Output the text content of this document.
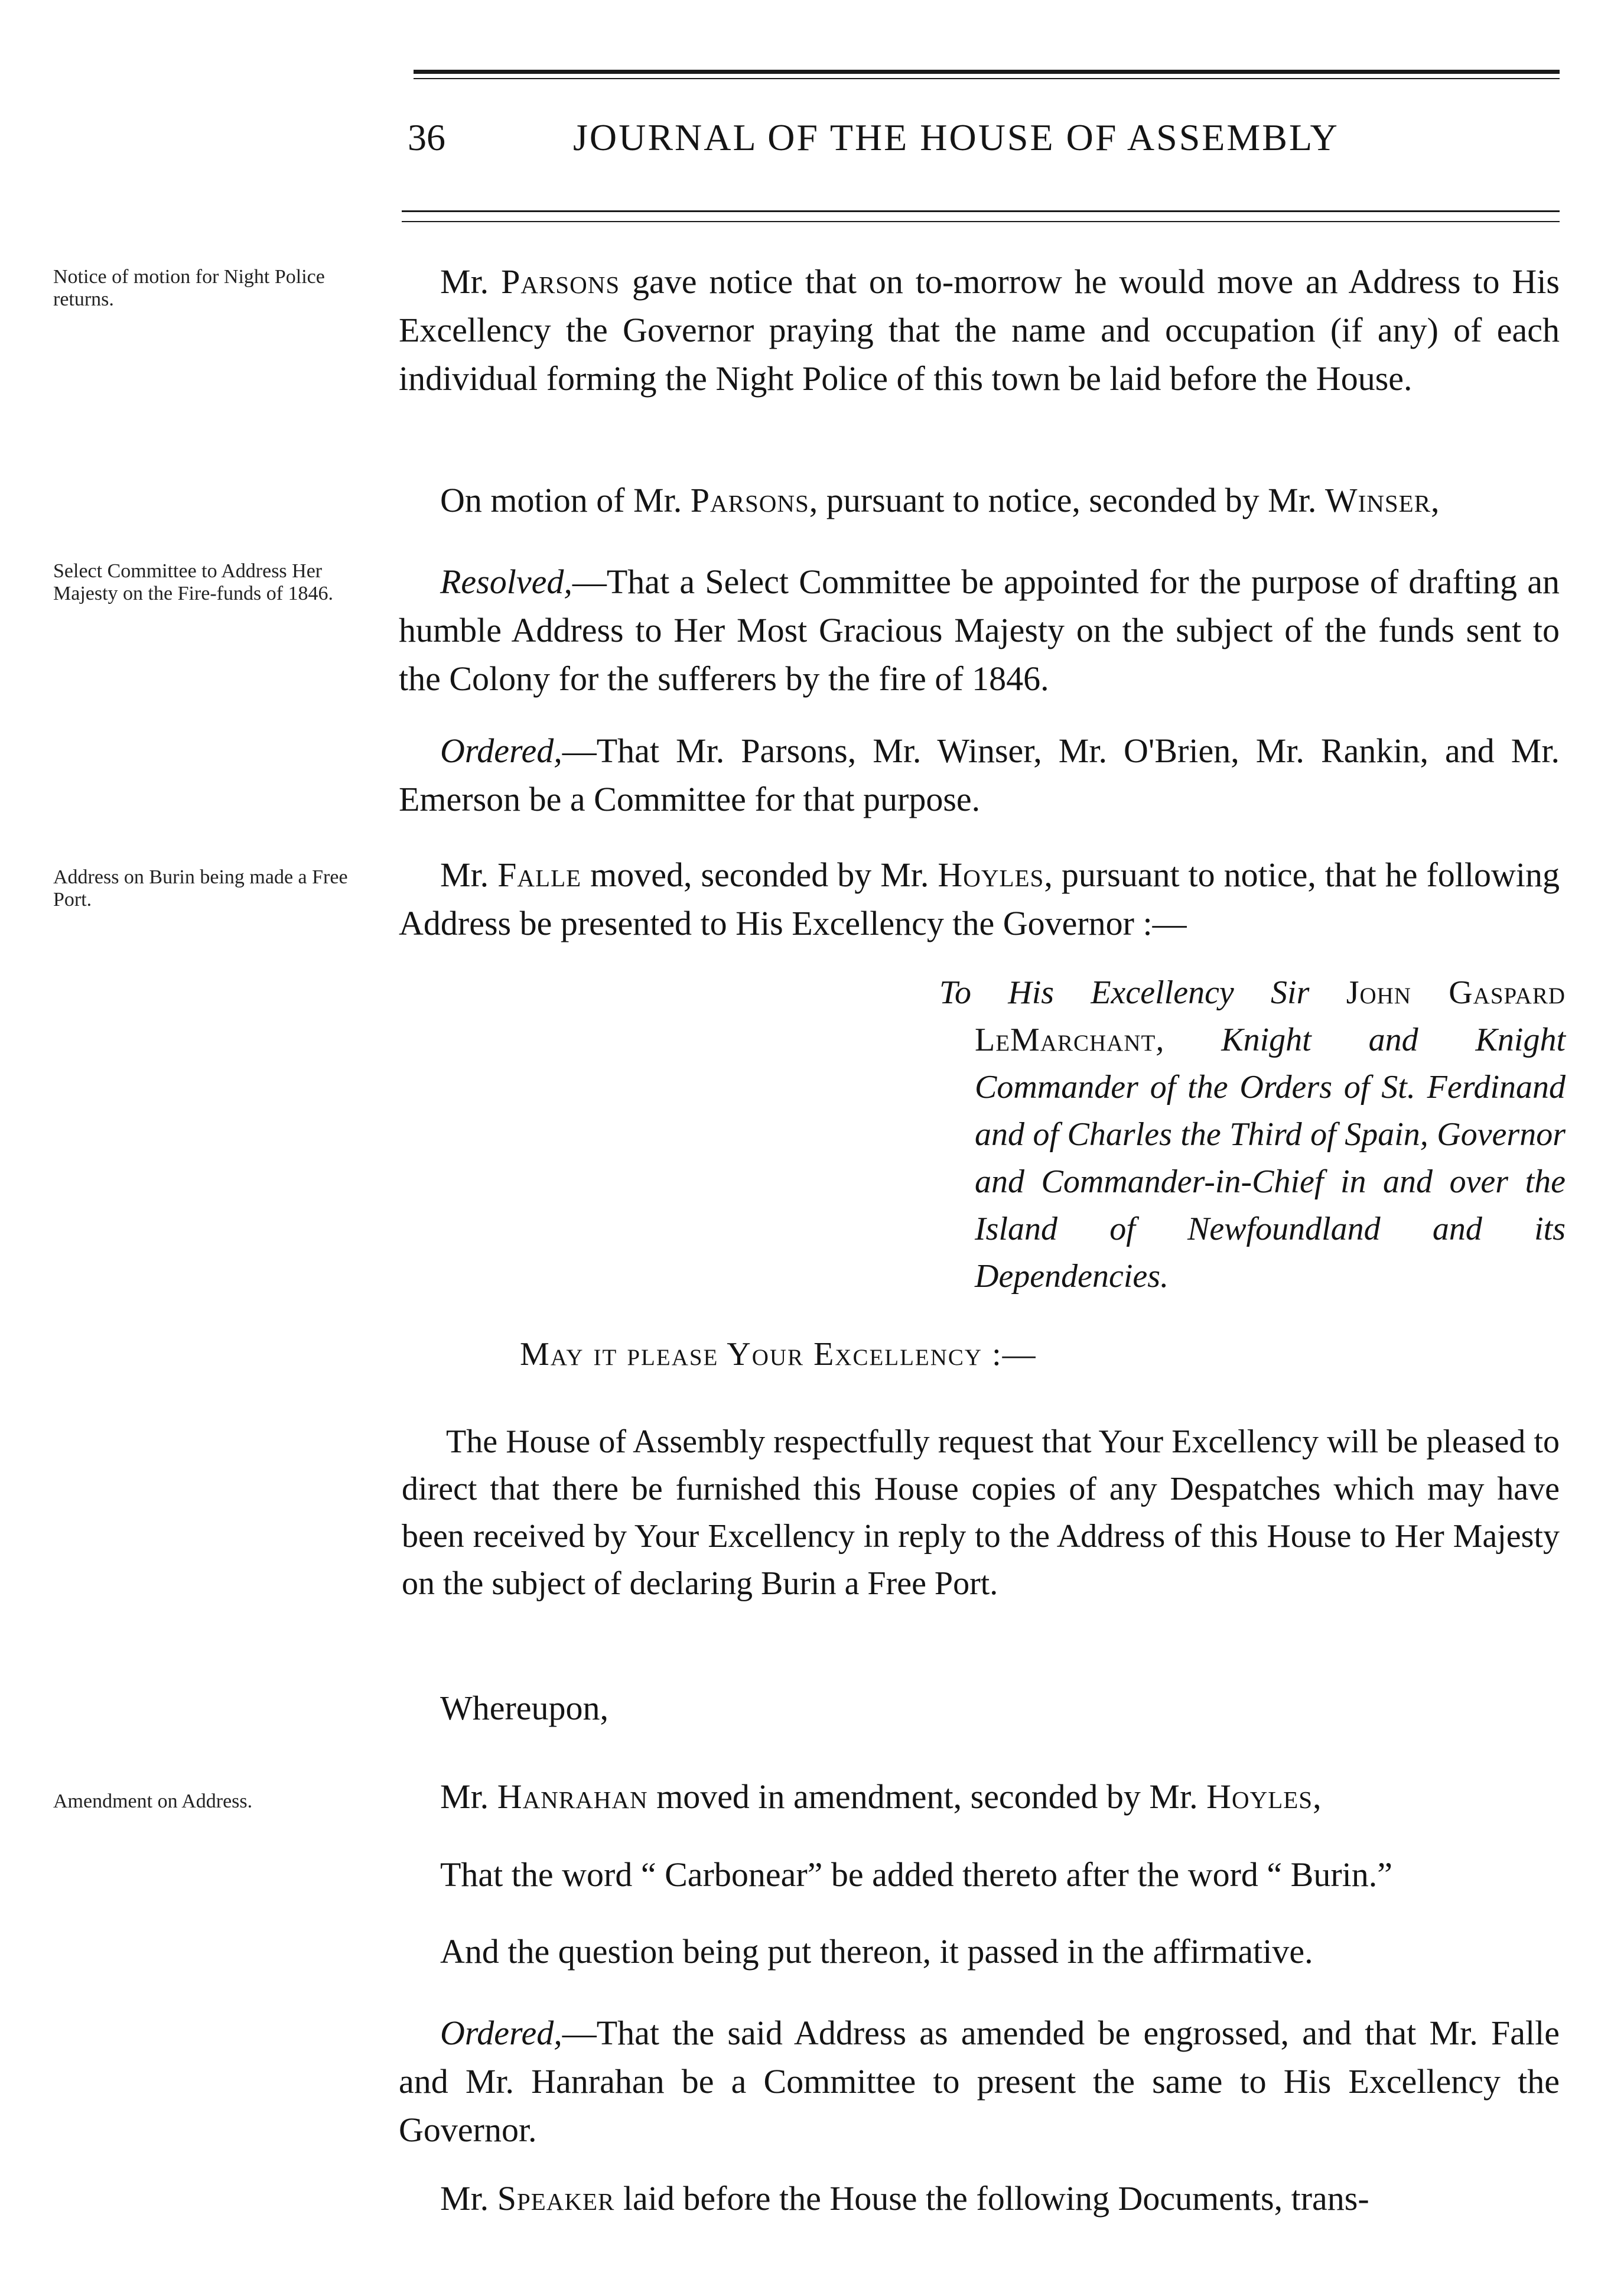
36	JOURNAL OF THE HOUSE OF ASSEMBLY
Notice of motion for Night Police returns.
Select Committee to Address Her Majesty on the Fire-funds of 1846.
Address on Burin being made a Free Port.
Amendment on Address.

Mr. Parsons gave notice that on to-morrow he would move an Address to His Excellency the Governor praying that the name and occupation (if any) of each individual forming the Night Police of this town be laid before the House.

On motion of Mr. Parsons, pursuant to notice, seconded by Mr. Winser,

Resolved,—That a Select Committee be appointed for the purpose of drafting an humble Address to Her Most Gracious Majesty on the subject of the funds sent to the Colony for the sufferers by the fire of 1846.

Ordered,—That Mr. Parsons, Mr. Winser, Mr. O'Brien, Mr. Rankin, and Mr. Emerson be a Committee for that purpose.

Mr. Falle moved, seconded by Mr. Hoyles, pursuant to notice, that he following Address be presented to His Excellency the Governor :—

To His Excellency Sir John Gaspard LeMarchant, Knight and Knight Commander of the Orders of St. Ferdinand and of Charles the Third of Spain, Governor and Commander-in-Chief in and over the Island of Newfoundland and its Dependencies.

May it please Your Excellency :—

The House of Assembly respectfully request that Your Excellency will be pleased to direct that there be furnished this House copies of any Despatches which may have been received by Your Excellency in reply to the Address of this House to Her Majesty on the subject of declaring Burin a Free Port.

Whereupon,

Mr. Hanrahan moved in amendment, seconded by Mr. Hoyles,

That the word “ Carbonear” be added thereto after the word “ Burin.”

And the question being put thereon, it passed in the affirmative.

Ordered,—That the said Address as amended be engrossed, and that Mr. Falle and Mr. Hanrahan be a Committee to present the same to His Excellency the Governor.

Mr. Speaker laid before the House the following Documents, trans-
